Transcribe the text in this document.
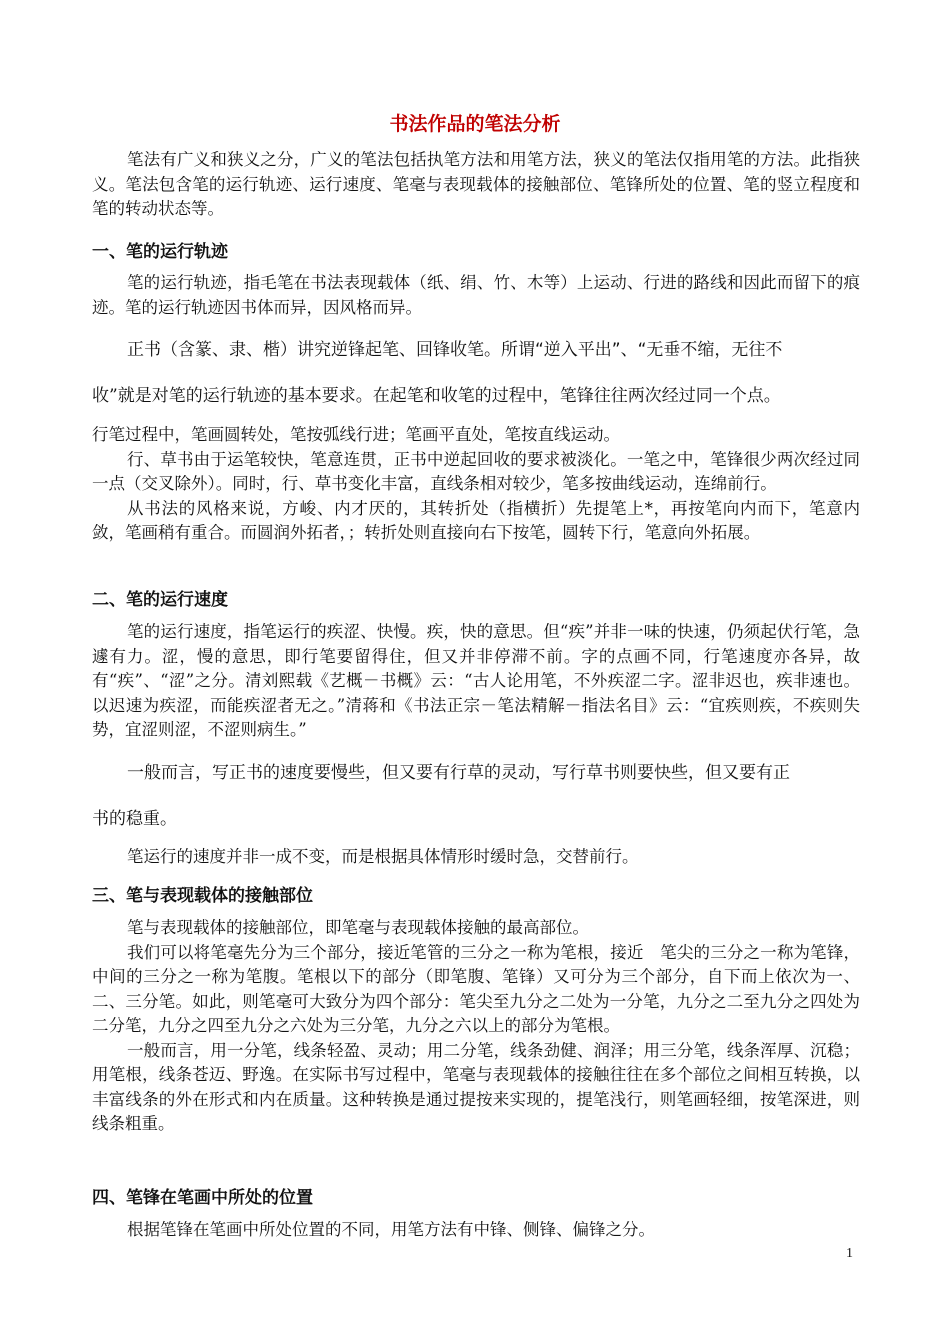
书法作品的笔法分析

笔法有广义和狭义之分，广义的笔法包括执笔方法和用笔方法，狭义的笔法仅指用笔的方法。此指狭义。笔法包含笔的运行轨迹、运行速度、笔毫与表现载体的接触部位、笔锋所处的位置、笔的竖立程度和笔的转动状态等。

一、笔的运行轨迹

笔的运行轨迹，指毛笔在书法表现载体（纸、绢、竹、木等）上运动、行进的路线和因此而留下的痕迹。笔的运行轨迹因书体而异，因风格而异。

正书（含篆、隶、楷）讲究逆锋起笔、回锋收笔。所谓“逆入平出”、“无垂不缩，无往不
收”就是对笔的运行轨迹的基本要求。在起笔和收笔的过程中，笔锋往往两次经过同一个点。
行笔过程中，笔画圆转处，笔按弧线行进；笔画平直处，笔按直线运动。

行、草书由于运笔较快，笔意连贯，正书中逆起回收的要求被淡化。一笔之中，笔锋很少两次经过同一点（交叉除外）。同时，行、草书变化丰富，直线条相对较少，笔多按曲线运动，连绵前行。

从书法的风格来说，方峻、内才厌的，其转折处（指横折）先提笔上*，再按笔向内而下，笔意内敛，笔画稍有重合。而圆润外拓者，；转折处则直接向右下按笔，圆转下行，笔意向外拓展。

二、笔的运行速度

笔的运行速度，指笔运行的疾涩、快慢。疾，快的意思。但“疾”并非一味的快速，仍须起伏行笔，急遽有力。涩，慢的意思，即行笔要留得住，但又并非停滞不前。字的点画不同，行笔速度亦各异，故有“疾”、“涩”之分。清刘熙载《艺概－书概》云：“古人论用笔，不外疾涩二字。涩非迟也，疾非速也。以迟速为疾涩，而能疾涩者无之。”清蒋和《书法正宗－笔法精解－指法名目》云：“宜疾则疾，不疾则失势，宜涩则涩，不涩则病生。”

一般而言，写正书的速度要慢些，但又要有行草的灵动，写行草书则要快些，但又要有正
书的稳重。

笔运行的速度并非一成不变，而是根据具体情形时缓时急，交替前行。

三、笔与表现载体的接触部位

笔与表现载体的接触部位，即笔毫与表现载体接触的最高部位。

我们可以将笔毫先分为三个部分，接近笔管的三分之一称为笔根，接近　笔尖的三分之一称为笔锋，中间的三分之一称为笔腹。笔根以下的部分（即笔腹、笔锋）又可分为三个部分，自下而上依次为一、二、三分笔。如此，则笔毫可大致分为四个部分：笔尖至九分之二处为一分笔，九分之二至九分之四处为二分笔，九分之四至九分之六处为三分笔，九分之六以上的部分为笔根。

一般而言，用一分笔，线条轻盈、灵动；用二分笔，线条劲健、润泽；用三分笔，线条浑厚、沉稳；用笔根，线条苍迈、野逸。在实际书写过程中，笔毫与表现载体的接触往往在多个部位之间相互转换，以丰富线条的外在形式和内在质量。这种转换是通过提按来实现的，提笔浅行，则笔画轻细，按笔深进，则线条粗重。

四、笔锋在笔画中所处的位置

根据笔锋在笔画中所处位置的不同，用笔方法有中锋、侧锋、偏锋之分。

1
